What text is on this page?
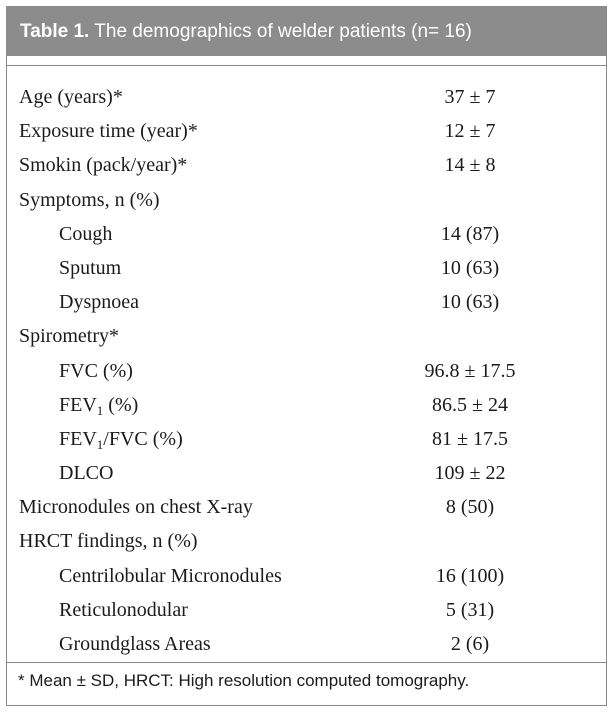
Table 1. The demographics of welder patients (n= 16)
Age (years)*	37 ± 7
Exposure time (year)*	12 ± 7
Smokin (pack/year)*	14 ± 8
Symptoms, n (%)
Cough	14 (87)
Sputum	10 (63)
Dyspnoea	10 (63)
Spirometry*
FVC (%)	96.8 ± 17.5
$FEV_1$ (%)	86.5 ± 24
$FEV_1$/FVC (%)	81 ± 17.5
DLCO	109 ± 22
Micronodules on chest X-ray	8 (50)
HRCT findings, n (%)
Centrilobular Micronodules	16 (100)
Reticulonodular	5 (31)
Groundglass Areas	2 (6)
* Mean ± SD, HRCT: High resolution computed tomography.
